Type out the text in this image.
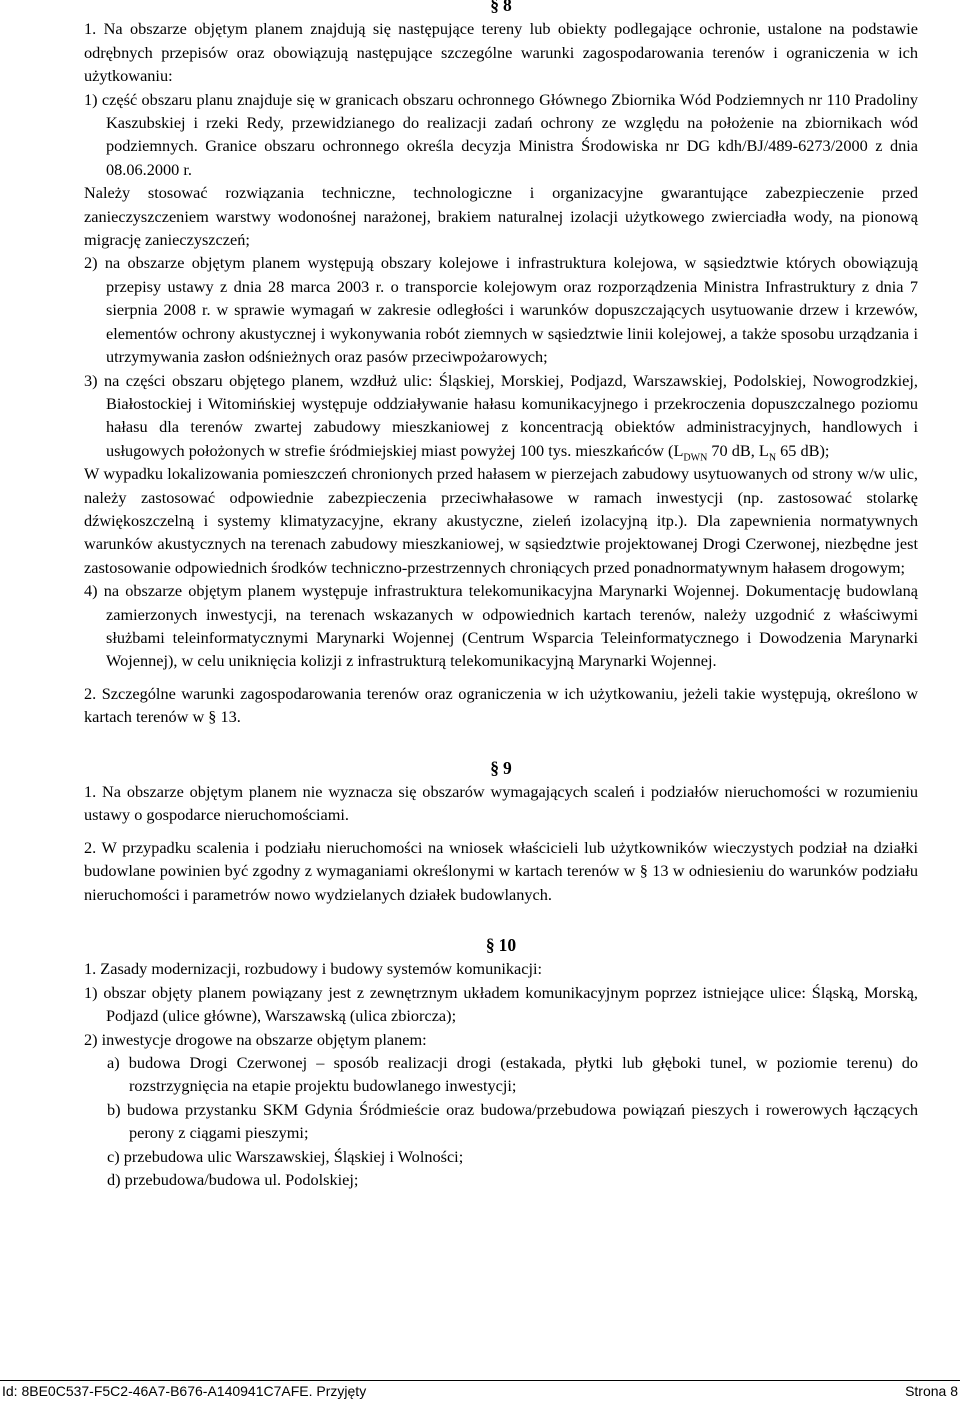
§ 8

1. Na obszarze objętym planem znajdują się następujące tereny lub obiekty podlegające ochronie, ustalone na podstawie odrębnych przepisów oraz obowiązują następujące szczególne warunki zagospodarowania terenów i ograniczenia w ich użytkowaniu:

1) część obszaru planu znajduje się w granicach obszaru ochronnego Głównego Zbiornika Wód Podziemnych nr 110 Pradoliny Kaszubskiej i rzeki Redy, przewidzianego do realizacji zadań ochrony ze względu na położenie na zbiornikach wód podziemnych. Granice obszaru ochronnego określa decyzja Ministra Środowiska nr DG kdh/BJ/489-6273/2000 z dnia 08.06.2000 r.

Należy stosować rozwiązania techniczne, technologiczne i organizacyjne gwarantujące zabezpieczenie przed zanieczyszczeniem warstwy wodonośnej narażonej, brakiem naturalnej izolacji użytkowego zwierciadła wody, na pionową migrację zanieczyszczeń;

2) na obszarze objętym planem występują obszary kolejowe i infrastruktura kolejowa, w sąsiedztwie których obowiązują przepisy ustawy z dnia 28 marca 2003 r. o transporcie kolejowym oraz rozporządzenia Ministra Infrastruktury z dnia 7 sierpnia 2008 r. w sprawie wymagań w zakresie odległości i warunków dopuszczających usytuowanie drzew i krzewów, elementów ochrony akustycznej i wykonywania robót ziemnych w sąsiedztwie linii kolejowej, a także sposobu urządzania i utrzymywania zasłon odśnieżnych oraz pasów przeciwpożarowych;

3) na części obszaru objętego planem, wzdłuż ulic: Śląskiej, Morskiej, Podjazd, Warszawskiej, Podolskiej, Nowogrodzkiej, Białostockiej i Witomińskiej występuje oddziaływanie hałasu komunikacyjnego i przekroczenia dopuszczalnego poziomu hałasu dla terenów zwartej zabudowy mieszkaniowej z koncentracją obiektów administracyjnych, handlowych i usługowych położonych w strefie śródmiejskiej miast powyżej 100 tys. mieszkańców ($L_{DWN}$ 70 dB, $L_N$ 65 dB);

W wypadku lokalizowania pomieszczeń chronionych przed hałasem w pierzejach zabudowy usytuowanych od strony w/w ulic, należy zastosować odpowiednie zabezpieczenia przeciwhałasowe w ramach inwestycji (np. zastosować stolarkę dźwiękoszczelną i systemy klimatyzacyjne, ekrany akustyczne, zieleń izolacyjną itp.). Dla zapewnienia normatywnych warunków akustycznych na terenach zabudowy mieszkaniowej, w sąsiedztwie projektowanej Drogi Czerwonej, niezbędne jest zastosowanie odpowiednich środków techniczno-przestrzennych chroniących przed ponadnormatywnym hałasem drogowym;

4) na obszarze objętym planem występuje infrastruktura telekomunikacyjna Marynarki Wojennej. Dokumentację budowlaną zamierzonych inwestycji, na terenach wskazanych w odpowiednich kartach terenów, należy uzgodnić z właściwymi służbami teleinformatycznymi Marynarki Wojennej (Centrum Wsparcia Teleinformatycznego i Dowodzenia Marynarki Wojennej), w celu uniknięcia kolizji z infrastrukturą telekomunikacyjną Marynarki Wojennej.

2. Szczególne warunki zagospodarowania terenów oraz ograniczenia w ich użytkowaniu, jeżeli takie występują, określono w kartach terenów w § 13.

§ 9

1. Na obszarze objętym planem nie wyznacza się obszarów wymagających scaleń i podziałów nieruchomości w rozumieniu ustawy o gospodarce nieruchomościami.

2. W przypadku scalenia i podziału nieruchomości na wniosek właścicieli lub użytkowników wieczystych podział na działki budowlane powinien być zgodny z wymaganiami określonymi w kartach terenów w § 13 w odniesieniu do warunków podziału nieruchomości i parametrów nowo wydzielanych działek budowlanych.

§ 10

1. Zasady modernizacji, rozbudowy i budowy systemów komunikacji:

1) obszar objęty planem powiązany jest z zewnętrznym układem komunikacyjnym poprzez istniejące ulice: Śląską, Morską, Podjazd (ulice główne), Warszawską (ulica zbiorcza);

2) inwestycje drogowe na obszarze objętym planem:

a) budowa Drogi Czerwonej – sposób realizacji drogi (estakada, płytki lub głęboki tunel, w poziomie terenu) do rozstrzygnięcia na etapie projektu budowlanego inwestycji;

b) budowa przystanku SKM Gdynia Śródmieście oraz budowa/przebudowa powiązań pieszych i rowerowych łączących perony z ciągami pieszymi;

c) przebudowa ulic Warszawskiej, Śląskiej i Wolności;

d) przebudowa/budowa ul. Podolskiej;

Id: 8BE0C537-F5C2-46A7-B676-A140941C7AFE. Przyjęty	Strona 8
